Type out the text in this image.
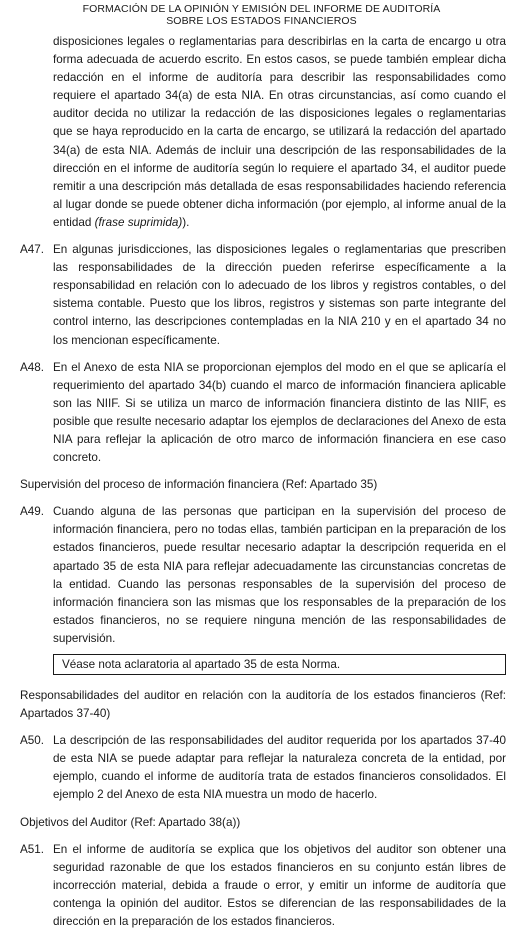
FORMACIÓN DE LA OPINIÓN Y EMISIÓN DEL INFORME DE AUDITORÍA
SOBRE LOS ESTADOS FINANCIEROS

disposiciones legales o reglamentarias para describirlas en la carta de encargo u otra forma adecuada de acuerdo escrito. En estos casos, se puede también emplear dicha redacción en el informe de auditoría para describir las responsabilidades como requiere el apartado 34(a) de esta NIA. En otras circunstancias, así como cuando el auditor decida no utilizar la redacción de las disposiciones legales o reglamentarias que se haya reproducido en la carta de encargo, se utilizará la redacción del apartado 34(a) de esta NIA. Además de incluir una descripción de las responsabilidades de la dirección en el informe de auditoría según lo requiere el apartado 34, el auditor puede remitir a una descripción más detallada de esas responsabilidades haciendo referencia al lugar donde se puede obtener dicha información (por ejemplo, al informe anual de la entidad (frase suprimida)).

A47. En algunas jurisdicciones, las disposiciones legales o reglamentarias que prescriben las responsabilidades de la dirección pueden referirse específicamente a la responsabilidad en relación con lo adecuado de los libros y registros contables, o del sistema contable. Puesto que los libros, registros y sistemas son parte integrante del control interno, las descripciones contempladas en la NIA 210 y en el apartado 34 no los mencionan específicamente.

A48. En el Anexo de esta NIA se proporcionan ejemplos del modo en el que se aplicaría el requerimiento del apartado 34(b) cuando el marco de información financiera aplicable son las NIIF. Si se utiliza un marco de información financiera distinto de las NIIF, es posible que resulte necesario adaptar los ejemplos de declaraciones del Anexo de esta NIA para reflejar la aplicación de otro marco de información financiera en ese caso concreto.

Supervisión del proceso de información financiera (Ref: Apartado 35)

A49. Cuando alguna de las personas que participan en la supervisión del proceso de información financiera, pero no todas ellas, también participan en la preparación de los estados financieros, puede resultar necesario adaptar la descripción requerida en el apartado 35 de esta NIA para reflejar adecuadamente las circunstancias concretas de la entidad. Cuando las personas responsables de la supervisión del proceso de información financiera son las mismas que los responsables de la preparación de los estados financieros, no se requiere ninguna mención de las responsabilidades de supervisión.

Véase nota aclaratoria al apartado 35 de esta Norma.

Responsabilidades del auditor en relación con la auditoría de los estados financieros (Ref: Apartados 37-40)

A50. La descripción de las responsabilidades del auditor requerida por los apartados 37-40 de esta NIA se puede adaptar para reflejar la naturaleza concreta de la entidad, por ejemplo, cuando el informe de auditoría trata de estados financieros consolidados. El ejemplo 2 del Anexo de esta NIA muestra un modo de hacerlo.

Objetivos del Auditor (Ref: Apartado 38(a))

A51. En el informe de auditoría se explica que los objetivos del auditor son obtener una seguridad razonable de que los estados financieros en su conjunto están libres de incorrección material, debida a fraude o error, y emitir un informe de auditoría que contenga la opinión del auditor. Estos se diferencian de las responsabilidades de la dirección en la preparación de los estados financieros.
